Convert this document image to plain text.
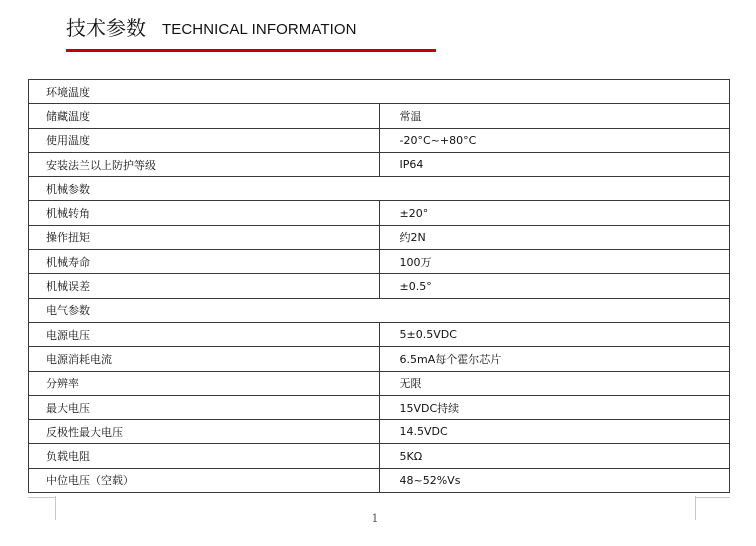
技术参数 TECHNICAL INFORMATION
环境温度	
储藏温度	常温
使用温度	-20°C~+80°C
安装法兰以上防护等级	IP64
机械参数	
机械转角	±20°
操作扭矩	约2N
机械寿命	100万
机械误差	±0.5°
电气参数	
电源电压	5±0.5VDC
电源消耗电流	6.5mA每个霍尔芯片
分辨率	无限
最大电压	15VDC持续
反极性最大电压	14.5VDC
负载电阻	5KΩ
中位电压（空载）	48~52%Vs
1
